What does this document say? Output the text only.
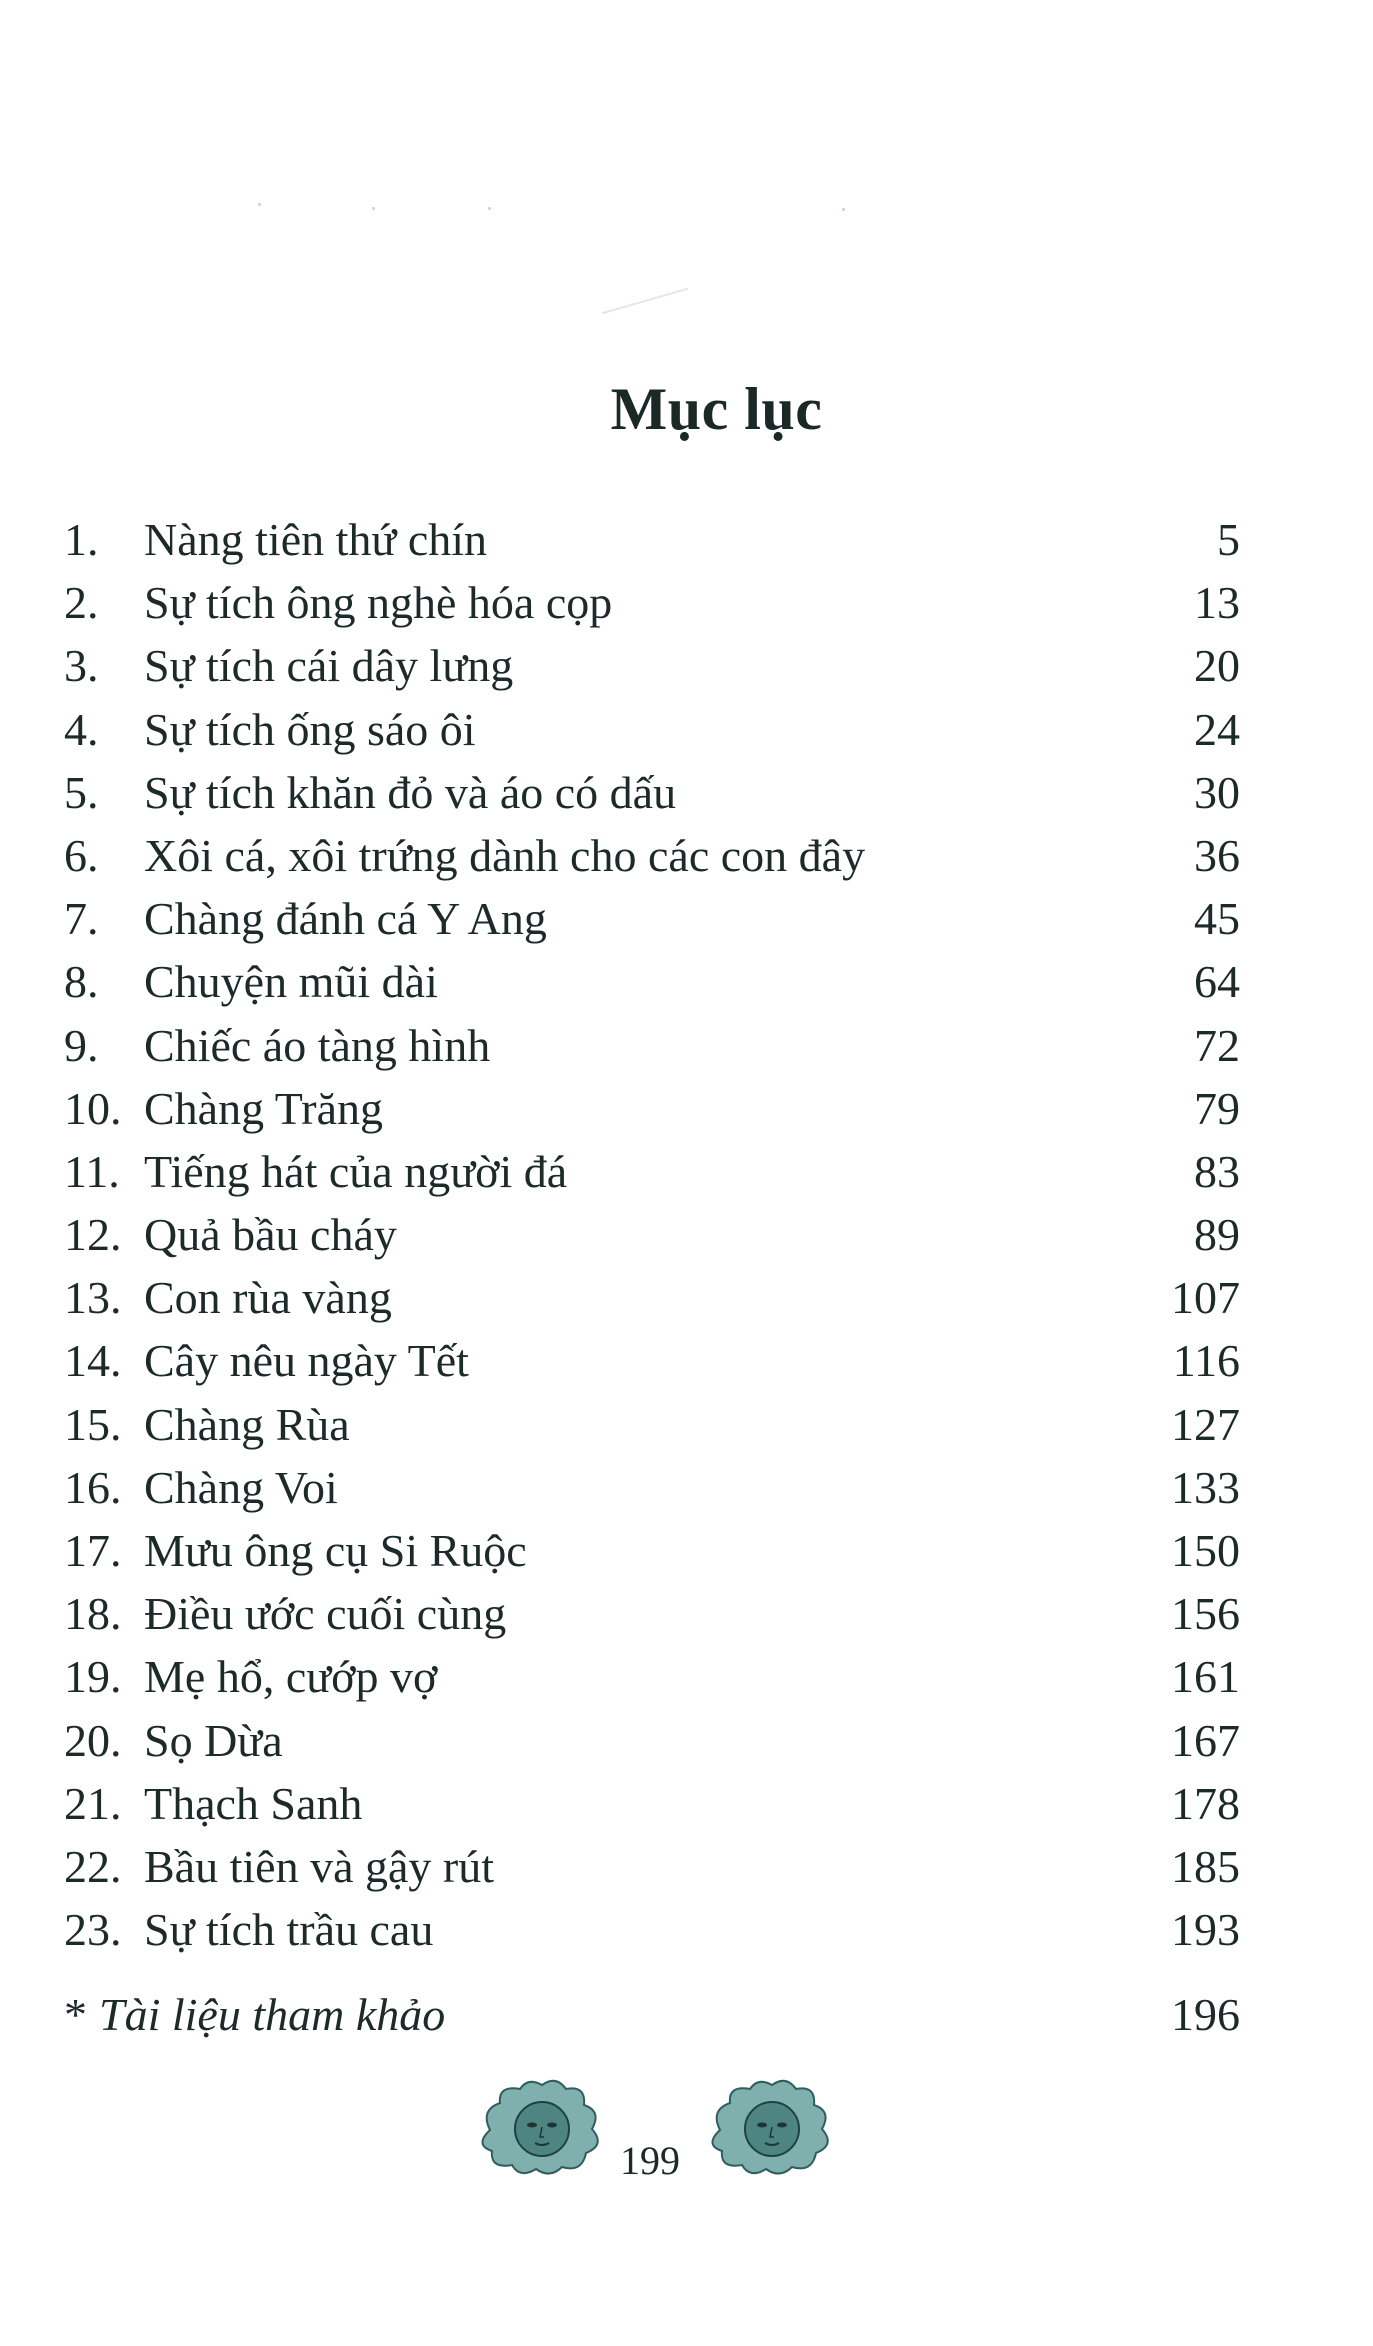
Mục lục
1. Nàng tiên thứ chín	5
2. Sự tích ông nghè hóa cọp	13
3. Sự tích cái dây lưng	20
4. Sự tích ống sáo ôi	24
5. Sự tích khăn đỏ và áo có dấu	30
6. Xôi cá, xôi trứng dành cho các con đây	36
7. Chàng đánh cá Y Ang	45
8. Chuyện mũi dài	64
9. Chiếc áo tàng hình	72
10. Chàng Trăng	79
11. Tiếng hát của người đá	83
12. Quả bầu cháy	89
13. Con rùa vàng	107
14. Cây nêu ngày Tết	116
15. Chàng Rùa	127
16. Chàng Voi	133
17. Mưu ông cụ Si Ruộc	150
18. Điều ước cuối cùng	156
19. Mẹ hổ, cướp vợ	161
20. Sọ Dừa	167
21. Thạch Sanh	178
22. Bầu tiên và gậy rút	185
23. Sự tích trầu cau	193
* Tài liệu tham khảo	196
199
